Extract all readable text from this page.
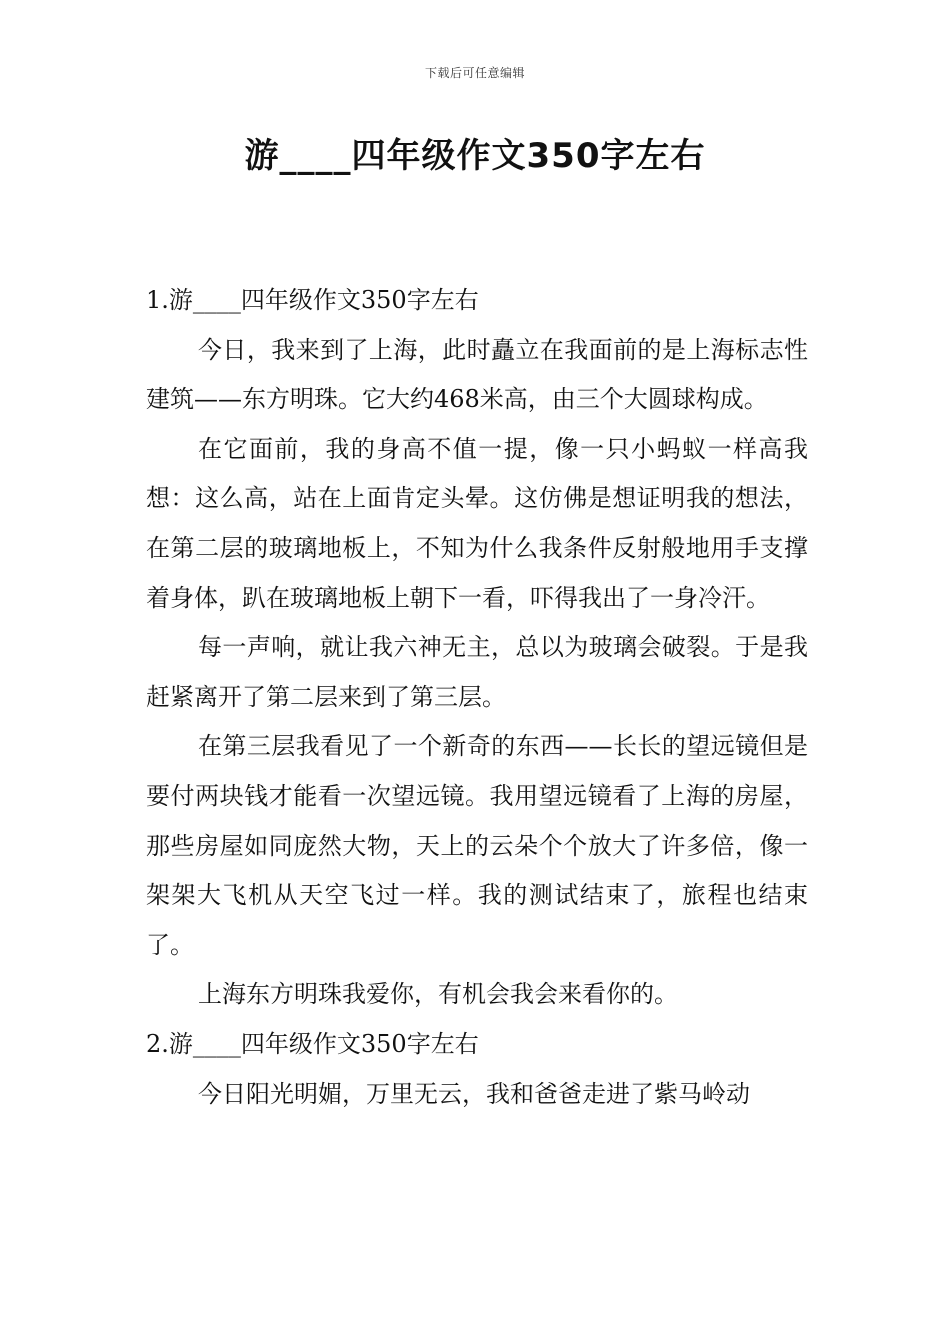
下载后可任意编辑
游____四年级作文350字左右
1.游____四年级作文350字左右

今日，我来到了上海，此时矗立在我面前的是上海标志性建筑——东方明珠。它大约468米高，由三个大圆球构成。

在它面前，我的身高不值一提，像一只小蚂蚁一样高我想：这么高，站在上面肯定头晕。这仿佛是想证明我的想法，在第二层的玻璃地板上，不知为什么我条件反射般地用手支撑着身体，趴在玻璃地板上朝下一看，吓得我出了一身冷汗。

每一声响，就让我六神无主，总以为玻璃会破裂。于是我赶紧离开了第二层来到了第三层。

在第三层我看见了一个新奇的东西——长长的望远镜但是要付两块钱才能看一次望远镜。我用望远镜看了上海的房屋，那些房屋如同庞然大物，天上的云朵个个放大了许多倍，像一架架大飞机从天空飞过一样。我的测试结束了，旅程也结束了。

上海东方明珠我爱你，有机会我会来看你的。

2.游____四年级作文350字左右

今日阳光明媚，万里无云，我和爸爸走进了紫马岭动
